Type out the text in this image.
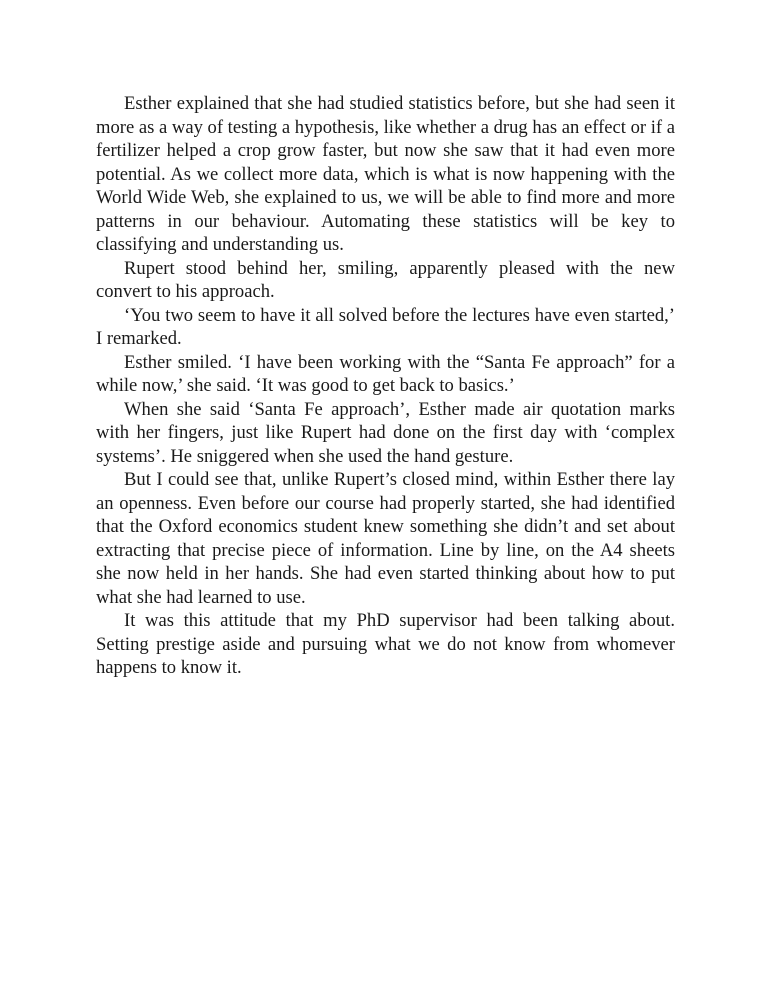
Esther explained that she had studied statistics before, but she had seen it more as a way of testing a hypothesis, like whether a drug has an effect or if a fertilizer helped a crop grow faster, but now she saw that it had even more potential. As we collect more data, which is what is now happening with the World Wide Web, she explained to us, we will be able to find more and more patterns in our behaviour. Automating these statistics will be key to classifying and understanding us.

Rupert stood behind her, smiling, apparently pleased with the new convert to his approach.

‘You two seem to have it all solved before the lectures have even started,’ I remarked.

Esther smiled. ‘I have been working with the “Santa Fe approach” for a while now,’ she said. ‘It was good to get back to basics.’

When she said ‘Santa Fe approach’, Esther made air quotation marks with her fingers, just like Rupert had done on the first day with ‘complex systems’. He sniggered when she used the hand gesture.

But I could see that, unlike Rupert’s closed mind, within Esther there lay an openness. Even before our course had properly started, she had identified that the Oxford economics student knew something she didn’t and set about extracting that precise piece of information. Line by line, on the A4 sheets she now held in her hands. She had even started thinking about how to put what she had learned to use.

It was this attitude that my PhD supervisor had been talking about. Setting prestige aside and pursuing what we do not know from whomever happens to know it.
